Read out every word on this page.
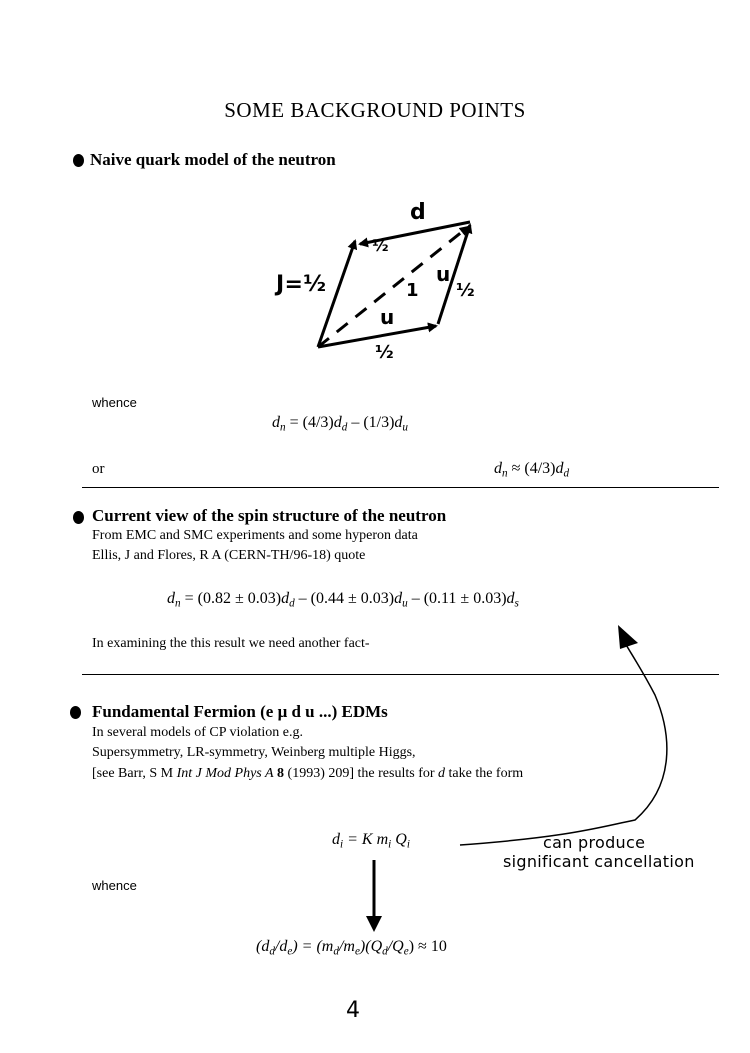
SOME BACKGROUND POINTS
Naive quark model of the neutron
d
J=½
½
u
1 ½
u
½
whence
$d_n = (4/3)d_d - (1/3)d_u$
or	$d_n \approx (4/3)d_d$
Current view of the spin structure of the neutron
From EMC and SMC experiments and some hyperon data
Ellis, J and Flores, R A (CERN-TH/96-18) quote
$d_n = (0.82 \pm 0.03)d_d - (0.44 \pm 0.03)d_u - (0.11 \pm 0.03)d_s$
In examining the this result we need another fact-
Fundamental Fermion (e μ d u ...) EDMs
In several models of CP violation e.g.
Supersymmetry, LR-symmetry, Weinberg multiple Higgs,
[see Barr, S M Int J Mod Phys A 8 (1993) 209] the results for d take the form
$d_i = K$ $m_i$ $Q_i$
whence
$(d_d/d_e) = (m_d/m_e)(Q_d/Q_e) \approx 10$
can produce
significant cancellation
4
